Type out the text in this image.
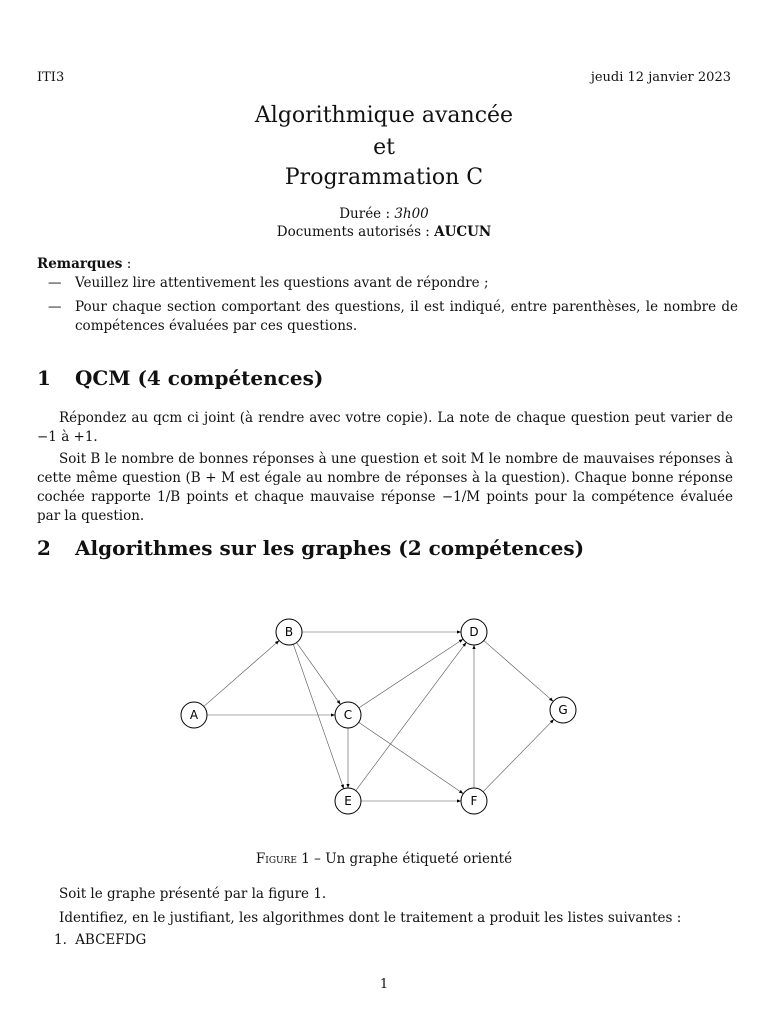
ITI3	jeudi 12 janvier 2023
Algorithmique avancée
et
Programmation C
Durée : 3h00
Documents autorisés : AUCUN
Remarques :
—	Veuillez lire attentivement les questions avant de répondre ;
—	Pour chaque section comportant des questions, il est indiqué, entre parenthèses, le nombre de compétences évaluées par ces questions.
1 QCM (4 compétences)
Répondez au qcm ci joint (à rendre avec votre copie). La note de chaque question peut varier de −1 à +1.
Soit B le nombre de bonnes réponses à une question et soit M le nombre de mauvaises réponses à cette même question (B + M est égale au nombre de réponses à la question). Chaque bonne réponse cochée rapporte 1/B points et chaque mauvaise réponse −1/M points pour la compétence évaluée par la question.
2 Algorithmes sur les graphes (2 compétences)
A
B
C
D
E	F
G
Figure 1 – Un graphe étiqueté orienté
Soit le graphe présenté par la figure 1.
Identifiez, en le justifiant, les algorithmes dont le traitement a produit les listes suivantes :
1. ABCEFDG
1
